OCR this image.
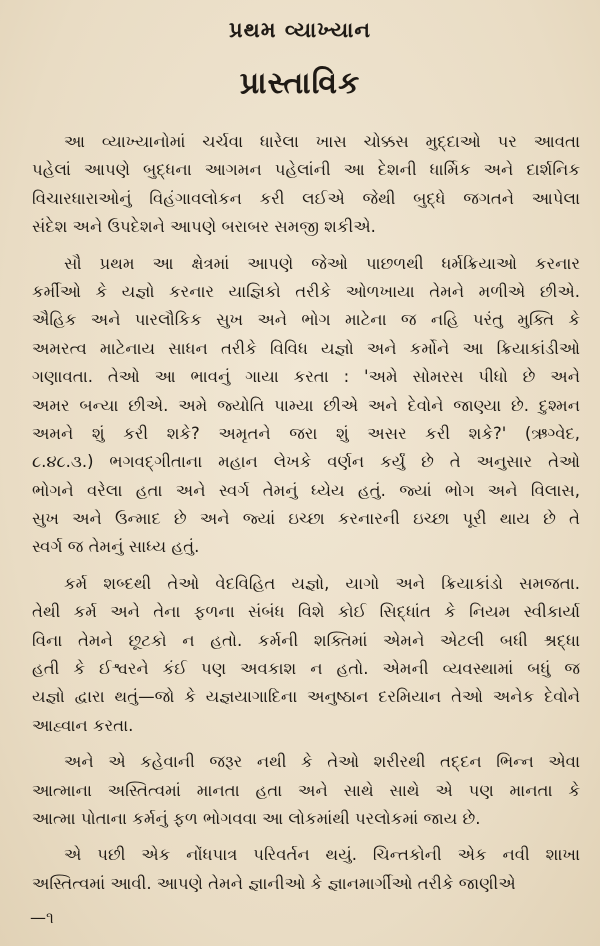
પ્રથમ વ્યાખ્યાન
પ્રાસ્તાવિક
આ વ્યાખ્યાનોમાં ચર્ચવા ધારેલા ખાસ ચોક્કસ મુદ્દાઓ પર આવતા
પહેલાં આપણે બુદ્ધના આગમન પહેલાંની આ દેશની ધાર્મિક અને દાર્શનિક
વિચારધારાઓનું વિહંગાવલોકન કરી લઈએ જેથી બુદ્ધે જગતને આપેલા
સંદેશ અને ઉપદેશને આપણે બરાબર સમજી શકીએ.
સૌ પ્રથમ આ ક્ષેત્રમાં આપણે જેઓ પાછળથી ધર્મક્રિયાઓ કરનાર
કર્મીઓ કે યજ્ઞો કરનાર યાજ્ઞિકો તરીકે ઓળખાયા તેમને મળીએ છીએ.
ઐહિક અને પારલૌકિક સુખ અને ભોગ માટેના જ નહિ પરંતુ મુક્તિ કે
અમરત્વ માટેનાય સાધન તરીકે વિવિધ યજ્ઞો અને કર્મોને આ ક્રિયાકાંડીઓ
ગણાવતા. તેઓ આ ભાવનું ગાયા કરતા : 'અમે સોમરસ પીધો છે અને
અમર બન્યા છીએ. અમે જ્યોતિ પામ્યા છીએ અને દેવોને જાણ્યા છે. દુશ્મન
અમને શું કરી શકે? અમૃતને જરા શું અસર કરી શકે?' (ઋગ્વેદ,
૮.૪૮.૩.) ભગવદ્ગીતાના મહાન લેખકે વર્ણન કર્યું છે તે અનુસાર તેઓ
ભોગને વરેલા હતા અને સ્વર્ગ તેમનું ધ્યેય હતું. જ્યાં ભોગ અને વિલાસ,
સુખ અને ઉન્માદ છે અને જ્યાં ઇચ્છા કરનારની ઇચ્છા પૂરી થાય છે તે
સ્વર્ગ જ તેમનું સાધ્ય હતું.
કર્મ શબ્દથી તેઓ વેદવિહિત યજ્ઞો, યાગો અને ક્રિયાકાંડો સમજતા.
તેથી કર્મ અને તેના ફળના સંબંધ વિશે કોઈ સિદ્ધાંત કે નિયમ સ્વીકાર્યા
વિના તેમને છૂટકો ન હતો. કર્મની શક્તિમાં એમને એટલી બધી શ્રદ્ધા
હતી કે ઈશ્વરને કંઈ પણ અવકાશ ન હતો. એમની વ્યવસ્થામાં બધું જ
યજ્ઞો દ્વારા થતું—જો કે યજ્ઞયાગાદિના અનુષ્ઠાન દરમિયાન તેઓ અનેક દેવોને
આહ્વાન કરતા.
અને એ કહેવાની જરૂર નથી કે તેઓ શરીરથી તદ્દન ભિન્ન એવા
આત્માના અસ્તિત્વમાં માનતા હતા અને સાથે સાથે એ પણ માનતા કે
આત્મા પોતાના કર્મનું ફળ ભોગવવા આ લોકમાંથી પરલોકમાં જાય છે.
એ પછી એક નોંધપાત્ર પરિવર્તન થયું. ચિન્તકોની એક નવી શાખા
અસ્તિત્વમાં આવી. આપણે તેમને જ્ઞાનીઓ કે જ્ઞાનમાર્ગીઓ તરીકે જાણીએ
—૧
